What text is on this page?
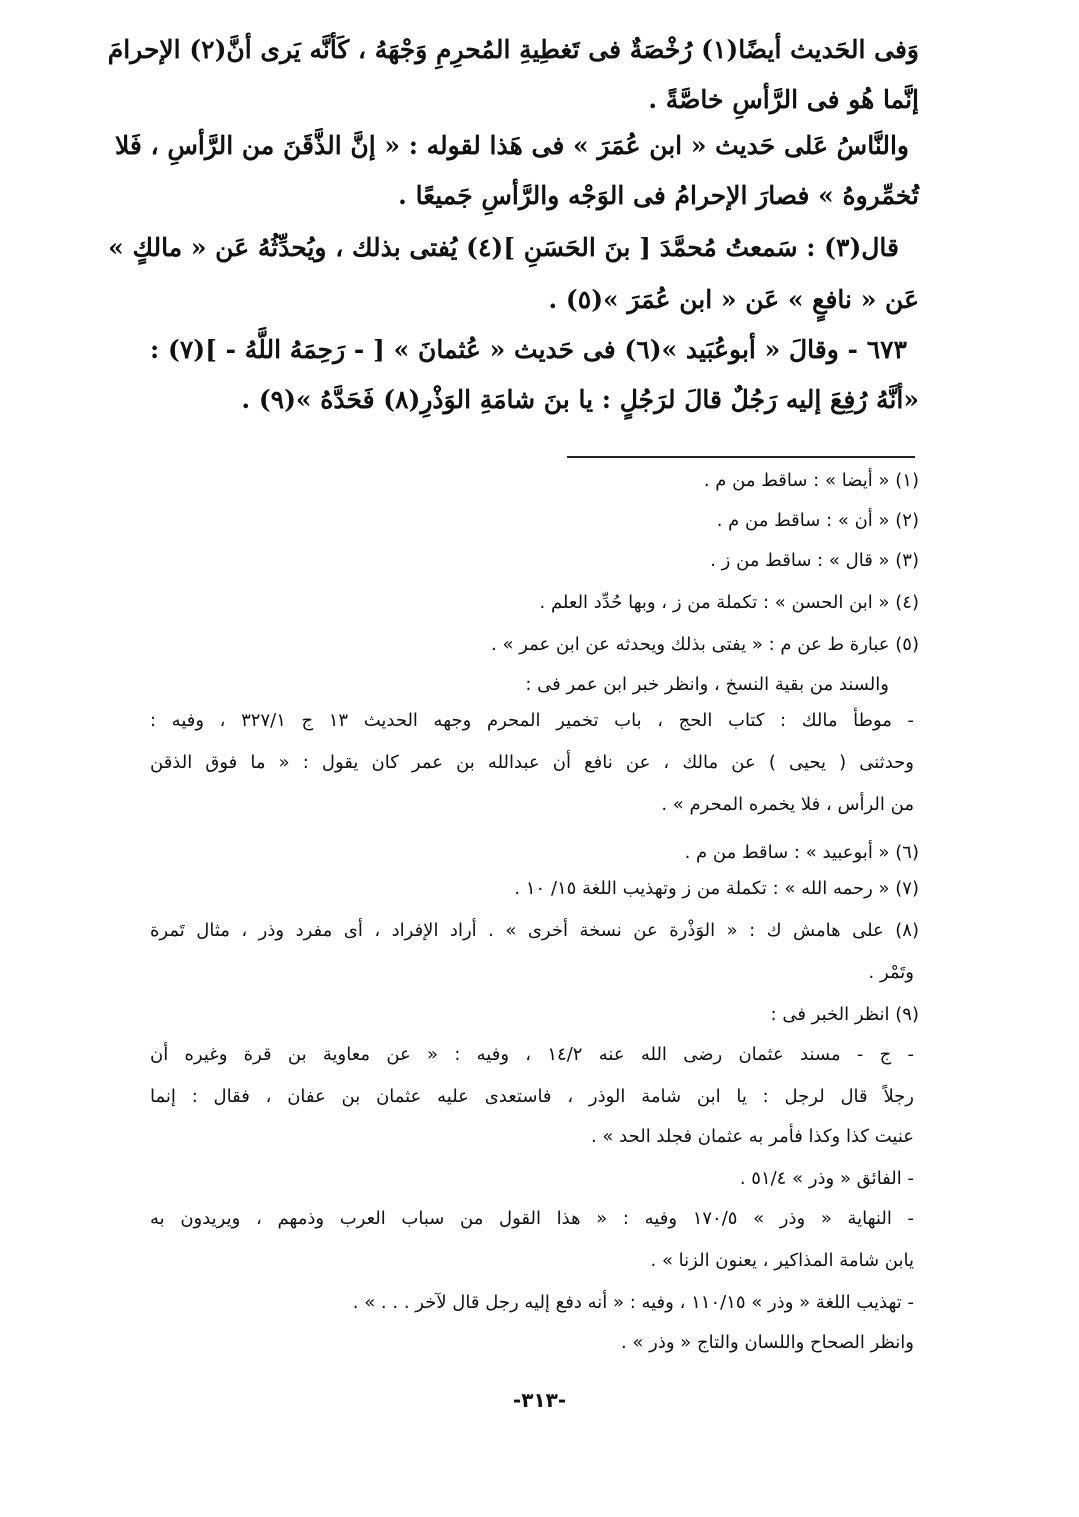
وَفى الحَديث أيضًا(١) رُخْصَةٌ فى تَغطِيةِ المُحرِمِ وَجْهَهُ ، كَأنَّه يَرى أنَّ(٢) الإحرامَ
إنَّما هُو فى الرَّأسِ خاصَّةً .
والنَّاسُ عَلى حَديث « ابن عُمَرَ » فى هَذا لقوله : « إنَّ الذَّقَنَ من الرَّأسِ ، فَلا
تُخمِّروهُ » فصارَ الإحرامُ فى الوَجْه والرَّأسِ جَميعًا .
قال(٣) : سَمعتُ مُحمَّدَ [ بنَ الحَسَنِ ](٤) يُفتى بذلك ، ويُحدِّثُهُ عَن « مالكٍ »
عَن « نافعٍ » عَن « ابن عُمَرَ »(٥) .
٦٧٣ - وقالَ « أبوعُبَيد »(٦) فى حَديث « عُثمانَ » [ - رَحِمَهُ اللَّهُ - ](٧) :
«أنَّهُ رُفِعَ إليه رَجُلٌ قالَ لرَجُلٍ : يا بنَ شامَةِ الوَذْرِ(٨) فَحَدَّهُ »(٩) .
(١) « أيضا » : ساقط من م .
(٢) « أن » : ساقط من م .
(٣) « قال » : ساقط من ز .
(٤) « ابن الحسن » : تكملة من ز ، وبها حُدِّد العلم .
(٥) عبارة ط عن م : « يفتى بذلك ويحدثه عن ابن عمر » .
والسند من بقية النسخ ، وانظر خبر ابن عمر فى :
- موطأ مالك : كتاب الحج ، باب تخمير المحرم وجهه الحديث ١٣ ج ٣٢٧/١ ، وفيه :
وحدثنى ( يحيى ) عن مالك ، عن نافع أن عبدالله بن عمر كان يقول : « ما فوق الذقن
من الرأس ، فلا يخمره المحرم » .
(٦) « أبوعبيد » : ساقط من م .
(٧) « رحمه الله » : تكملة من ز وتهذيب اللغة ١٥/ ١٠ .
(٨) على هامش ك : « الوَذْرة عن نسخة أخرى » . أراد الإفراد ، أى مفرد وذر ، مثال تَمرة
وتَمْر .
(٩) انظر الخبر فى :
- ج - مسند عثمان رضى الله عنه ١٤/٢ ، وفيه : « عن معاوية بن قرة وغيره أن
رجلاً قال لرجل : يا ابن شامة الوذر ، فاستعدى عليه عثمان بن عفان ، فقال : إنما
عنيت كذا وكذا فأمر به عثمان فجلد الحد » .
- الفائق « وذر » ٥١/٤ .
- النهاية « وذر » ١٧٠/٥ وفيه : « هذا القول من سباب العرب وذمهم ، ويريدون به
يابن شامة المذاكير ، يعنون الزنا » .
- تهذيب اللغة « وذر » ١١٠/١٥ ، وفيه : « أنه دفع إليه رجل قال لآخر . . . » .
وانظر الصحاح واللسان والتاج « وذر » .
-٣١٣-
